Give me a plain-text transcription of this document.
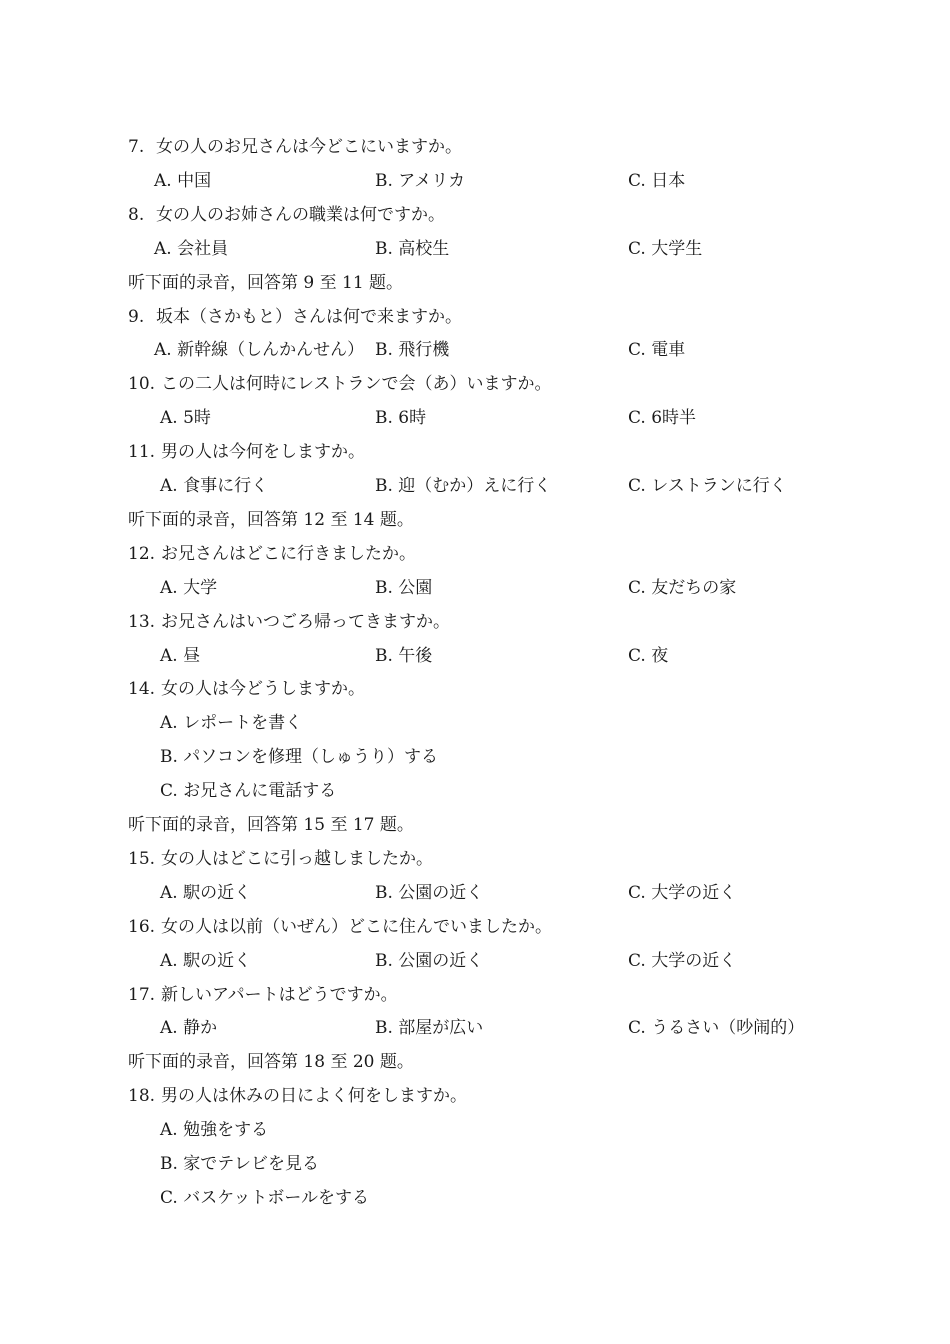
7. 女の人のお兄さんは今どこにいますか。
A. 中国	B. アメリカ	C. 日本
8. 女の人のお姉さんの職業は何ですか。
A. 会社員	B. 高校生	C. 大学生
听下面的录音，回答第 9 至 11 题。
9. 坂本（さかもと）さんは何で来ますか。
A. 新幹線（しんかんせん） B. 飛行機	C. 電車
10. この二人は何時にレストランで会（あ）いますか。
A. 5時	B. 6時	C. 6時半
11. 男の人は今何をしますか。
A. 食事に行く	B. 迎（むか）えに行く	C. レストランに行く
听下面的录音，回答第 12 至 14 题。
12. お兄さんはどこに行きましたか。
A. 大学	B. 公園	C. 友だちの家
13. お兄さんはいつごろ帰ってきますか。
A. 昼	B. 午後	C. 夜
14. 女の人は今どうしますか。
A. レポートを書く
B. パソコンを修理（しゅうり）する
C. お兄さんに電話する
听下面的录音，回答第 15 至 17 题。
15. 女の人はどこに引っ越しましたか。
A. 駅の近く	B. 公園の近く	C. 大学の近く
16. 女の人は以前（いぜん）どこに住んでいましたか。
A. 駅の近く	B. 公園の近く	C. 大学の近く
17. 新しいアパートはどうですか。
A. 静か	B. 部屋が広い	C. うるさい（吵闹的）
听下面的录音，回答第 18 至 20 题。
18. 男の人は休みの日によく何をしますか。
A. 勉強をする
B. 家でテレビを見る
C. バスケットボールをする
